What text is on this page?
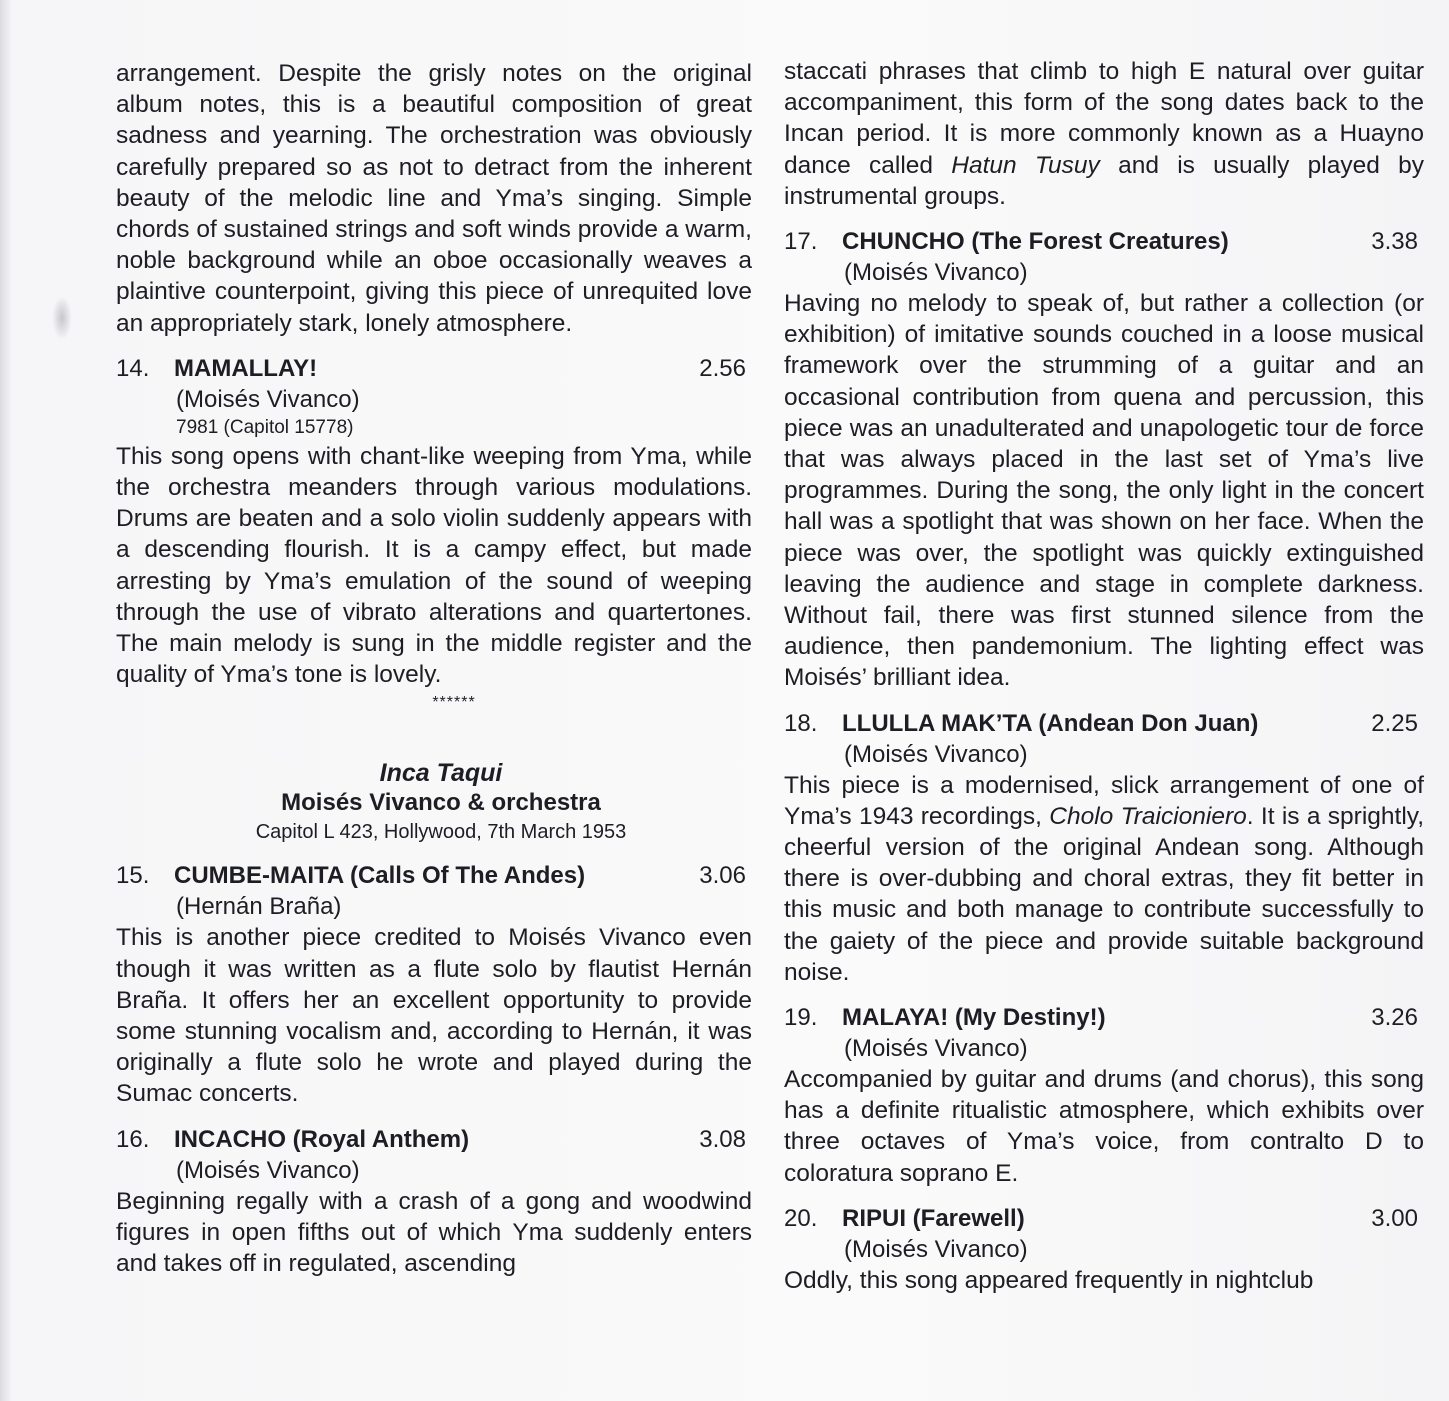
arrangement. Despite the grisly notes on the original album notes, this is a beautiful composition of great sadness and yearning. The orchestration was obviously carefully prepared so as not to detract from the inherent beauty of the melodic line and Yma’s singing. Simple chords of sustained strings and soft winds provide a warm, noble background while an oboe occasionally weaves a plaintive counterpoint, giving this piece of unrequited love an appropriately stark, lonely atmosphere.
14.	MAMALLAY!	2.56
(Moisés Vivanco)
7981 (Capitol 15778)
This song opens with chant-like weeping from Yma, while the orchestra meanders through various modulations. Drums are beaten and a solo violin suddenly appears with a descending flourish. It is a campy effect, but made arresting by Yma’s emulation of the sound of weeping through the use of vibrato alterations and quartertones. The main melody is sung in the middle register and the quality of Yma’s tone is lovely.
******
Inca Taqui
Moisés Vivanco & orchestra
Capitol L 423, Hollywood, 7th March 1953
15.	CUMBE-MAITA (Calls Of The Andes)	3.06
(Hernán Braña)
This is another piece credited to Moisés Vivanco even though it was written as a flute solo by flautist Hernán Braña. It offers her an excellent opportunity to provide some stunning vocalism and, according to Hernán, it was originally a flute solo he wrote and played during the Sumac concerts.
16.	INCACHO (Royal Anthem)	3.08
(Moisés Vivanco)
Beginning regally with a crash of a gong and woodwind figures in open fifths out of which Yma suddenly enters and takes off in regulated, ascending
staccati phrases that climb to high E natural over guitar accompaniment, this form of the song dates back to the Incan period. It is more commonly known as a Huayno dance called Hatun Tusuy and is usually played by instrumental groups.
17.	CHUNCHO (The Forest Creatures)	3.38
(Moisés Vivanco)
Having no melody to speak of, but rather a collection (or exhibition) of imitative sounds couched in a loose musical framework over the strumming of a guitar and an occasional contribution from quena and percussion, this piece was an unadulterated and unapologetic tour de force that was always placed in the last set of Yma’s live programmes. During the song, the only light in the concert hall was a spotlight that was shown on her face. When the piece was over, the spotlight was quickly extinguished leaving the audience and stage in complete darkness. Without fail, there was first stunned silence from the audience, then pandemonium. The lighting effect was Moisés’ brilliant idea.
18.	LLULLA MAK’TA (Andean Don Juan)	2.25
(Moisés Vivanco)
This piece is a modernised, slick arrangement of one of Yma’s 1943 recordings, Cholo Traicioniero. It is a sprightly, cheerful version of the original Andean song. Although there is over-dubbing and choral extras, they fit better in this music and both manage to contribute successfully to the gaiety of the piece and provide suitable background noise.
19.	MALAYA! (My Destiny!)	3.26
(Moisés Vivanco)
Accompanied by guitar and drums (and chorus), this song has a definite ritualistic atmosphere, which exhibits over three octaves of Yma’s voice, from contralto D to coloratura soprano E.
20.	RIPUI (Farewell)	3.00
(Moisés Vivanco)
Oddly, this song appeared frequently in nightclub
